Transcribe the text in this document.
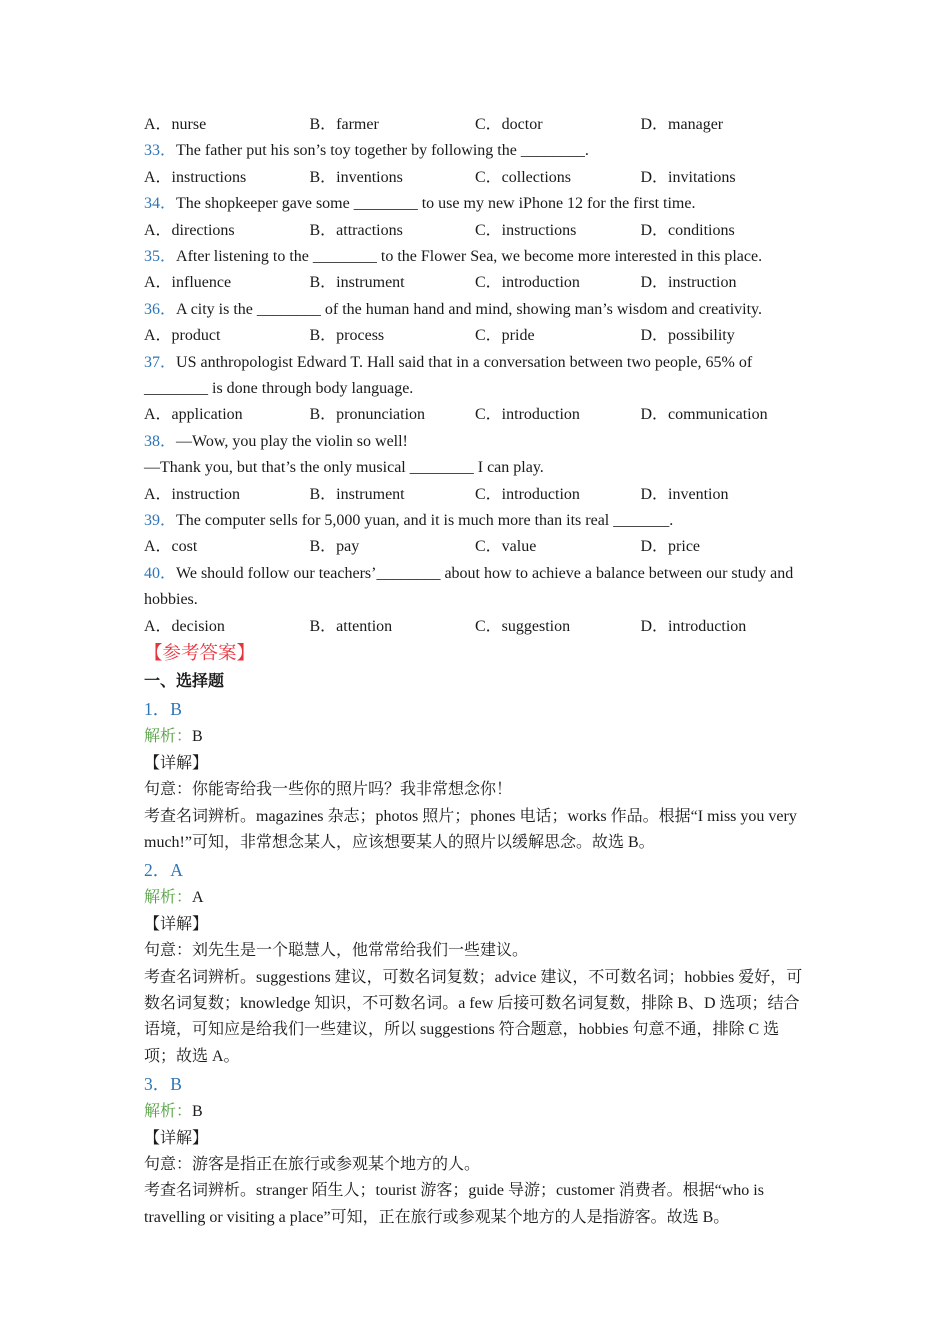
A．nurse	B．farmer	C．doctor	D．manager
33．The father put his son’s toy together by following the ________.
A．instructions	B．inventions	C．collections	D．invitations
34．The shopkeeper gave some ________ to use my new iPhone 12 for the first time.
A．directions	B．attractions	C．instructions	D．conditions
35．After listening to the ________ to the Flower Sea, we become more interested in this place.
A．influence	B．instrument	C．introduction	D．instruction
36．A city is the ________ of the human hand and mind, showing man’s wisdom and creativity.
A．product	B．process	C．pride	D．possibility
37．US anthropologist Edward T. Hall said that in a conversation between two people, 65% of ________ is done through body language.
A．application	B．pronunciation	C．introduction	D．communication
38．—Wow, you play the violin so well!
—Thank you, but that’s the only musical ________ I can play.
A．instruction	B．instrument	C．introduction	D．invention
39．The computer sells for 5,000 yuan, and it is much more than its real _______.
A．cost	B．pay	C．value	D．price
40．We should follow our teachers’________ about how to achieve a balance between our study and hobbies.
A．decision	B．attention	C．suggestion	D．introduction
【参考答案】
一、选择题
1．B
解析：B
【详解】
句意：你能寄给我一些你的照片吗？我非常想念你！
考查名词辨析。magazines 杂志；photos 照片；phones 电话；works 作品。根据“I miss you very much!”可知，非常想念某人，应该想要某人的照片以缓解思念。故选 B。
2．A
解析：A
【详解】
句意：刘先生是一个聪慧人，他常常给我们一些建议。
考查名词辨析。suggestions 建议，可数名词复数；advice 建议，不可数名词；hobbies 爱好，可数名词复数；knowledge 知识，不可数名词。a few 后接可数名词复数，排除 B、D 选项；结合语境，可知应是给我们一些建议，所以 suggestions 符合题意，hobbies 句意不通，排除 C 选项；故选 A。
3．B
解析：B
【详解】
句意：游客是指正在旅行或参观某个地方的人。
考查名词辨析。stranger 陌生人；tourist 游客；guide 导游；customer 消费者。根据“who is travelling or visiting a place”可知，正在旅行或参观某个地方的人是指游客。故选 B。
